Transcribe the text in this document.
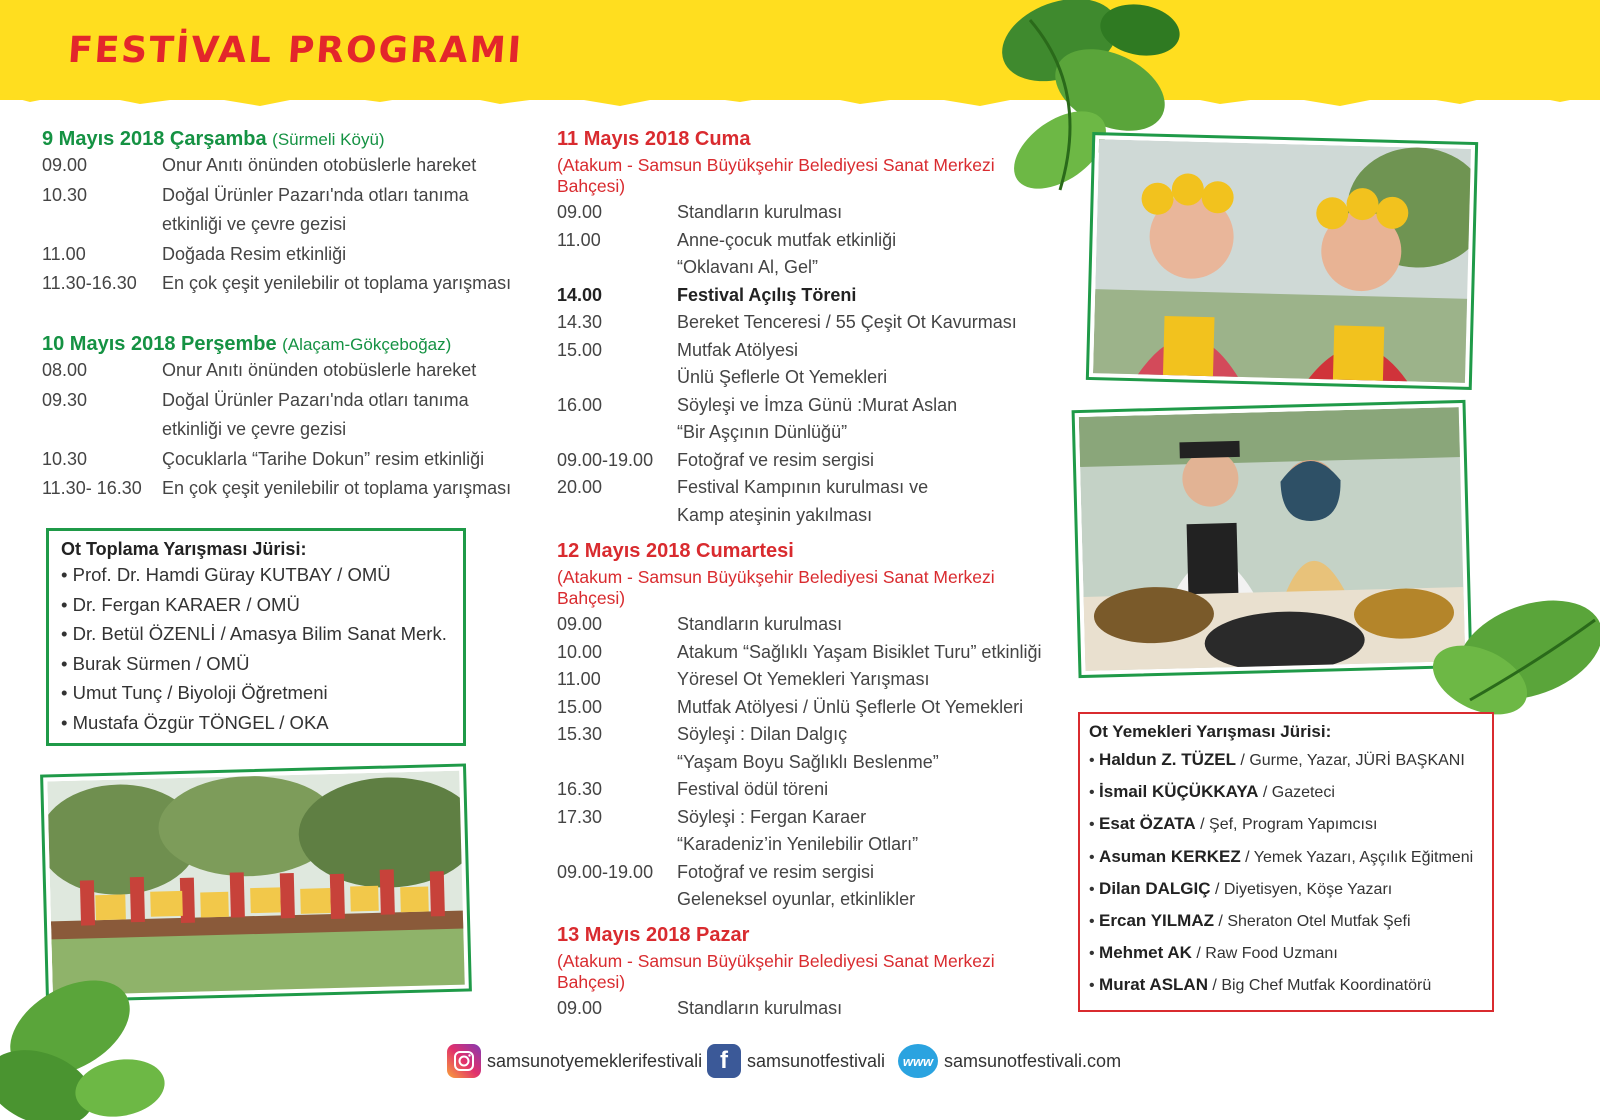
FESTİVAL PROGRAMI
9 Mayıs 2018 Çarşamba (Sürmeli Köyü)
09.00	Onur Anıtı önünden otobüslerle hareket
10.30	Doğal Ürünler Pazarı'nda otları tanıma
etkinliği ve çevre gezisi
11.00	Doğada Resim etkinliği
11.30-16.30	En çok çeşit yenilebilir ot toplama yarışması
10 Mayıs 2018 Perşembe (Alaçam-Gökçeboğaz)
08.00	Onur Anıtı önünden otobüslerle hareket
09.30	Doğal Ürünler Pazarı'nda otları tanıma
etkinliği ve çevre gezisi
10.30	Çocuklarla “Tarihe Dokun” resim etkinliği
11.30- 16.30	En çok çeşit yenilebilir ot toplama yarışması
Ot Toplama Yarışması Jürisi:
• Prof. Dr. Hamdi Güray KUTBAY / OMÜ
• Dr. Fergan KARAER / OMÜ
• Dr. Betül ÖZENLİ / Amasya Bilim Sanat Merk.
• Burak Sürmen / OMÜ
• Umut Tunç / Biyoloji Öğretmeni
• Mustafa Özgür TÖNGEL / OKA
11 Mayıs 2018 Cuma
(Atakum - Samsun Büyükşehir Belediyesi Sanat Merkezi Bahçesi)
09.00	Standların kurulması
11.00	Anne-çocuk mutfak etkinliği
“Oklavanı Al, Gel”
14.00	Festival Açılış Töreni
14.30	Bereket Tenceresi / 55 Çeşit Ot Kavurması
15.00	Mutfak Atölyesi
Ünlü Şeflerle Ot Yemekleri
16.00	Söyleşi ve İmza Günü :Murat Aslan
“Bir Aşçının Dünlüğü”
09.00-19.00	Fotoğraf ve resim sergisi
20.00	Festival Kampının kurulması ve
Kamp ateşinin yakılması
12 Mayıs 2018 Cumartesi
(Atakum - Samsun Büyükşehir Belediyesi Sanat Merkezi Bahçesi)
09.00	Standların kurulması
10.00	Atakum “Sağlıklı Yaşam Bisiklet Turu” etkinliği
11.00	Yöresel Ot Yemekleri Yarışması
15.00	Mutfak Atölyesi / Ünlü Şeflerle Ot Yemekleri
15.30	Söyleşi : Dilan Dalgıç
“Yaşam Boyu Sağlıklı Beslenme”
16.30	Festival ödül töreni
17.30	Söyleşi : Fergan Karaer
“Karadeniz’in Yenilebilir Otları”
09.00-19.00	Fotoğraf ve resim sergisi
Geleneksel oyunlar, etkinlikler
13 Mayıs 2018 Pazar
(Atakum - Samsun Büyükşehir Belediyesi Sanat Merkezi Bahçesi)
09.00	Standların kurulması
Ot Yemekleri Yarışması Jürisi:
• Haldun Z. TÜZEL / Gurme, Yazar, JÜRİ BAŞKANI
• İsmail KÜÇÜKKAYA / Gazeteci
• Esat ÖZATA / Şef, Program Yapımcısı
• Asuman KERKEZ / Yemek Yazarı, Aşçılık Eğitmeni
• Dilan DALGIÇ / Diyetisyen, Köşe Yazarı
• Ercan YILMAZ / Sheraton Otel Mutfak Şefi
• Mehmet AK / Raw Food Uzmanı
• Murat ASLAN / Big Chef Mutfak Koordinatörü
samsunotyemeklerifestivali f	samsunotfestivali	www samsunotfestivali.com
